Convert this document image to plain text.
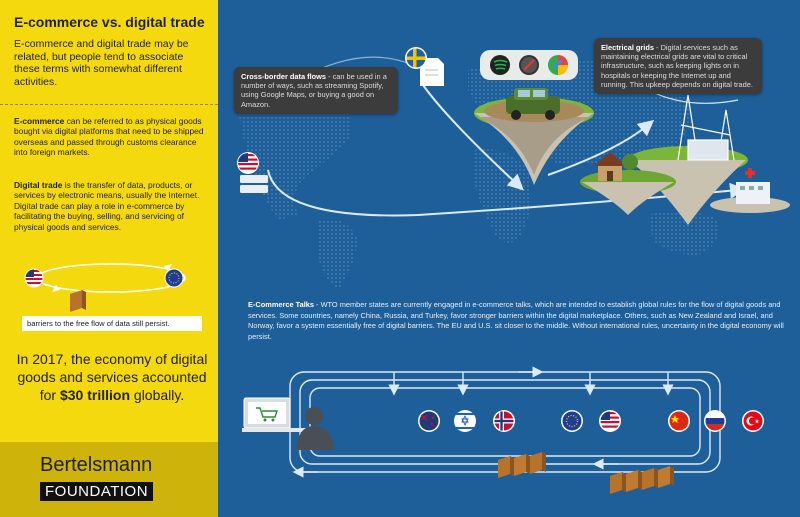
E-commerce vs. digital trade
E-commerce and digital trade may be related, but people tend to associate these terms with somewhat different activities.
E-commerce can be referred to as physical goods bought via digital platforms that need to be shipped overseas and passed through customs clearance into foreign markets.
Digital trade is the transfer of data, products, or services by electronic means, usually the Internet. Digital trade can play a role in e-commerce by facilitating the buying, selling, and servicing of physical goods and services.
barriers to the free flow of data still persist.
In 2017, the economy of digital goods and services accounted for $30 trillion globally.
Bertelsmann
FOUNDATION
Cross-border data flows - can be used in a number of ways, such as streaming Spotify, using Google Maps, or buying a good on Amazon.
Electrical grids - Digital services such as maintaining electrical grids are vital to critical infrastructure, such as keeping lights on in hospitals or keeping the Internet up and running. This upkeep depends on digital trade.
E-Commerce Talks - WTO member states are currently engaged in e-commerce talks, which are intended to establish global rules for the flow of digital goods and services. Some countries, namely China, Russia, and Turkey, favor stronger barriers within the digital marketplace. Others, such as New Zealand and Israel, and Norway, favor a system essentially free of digital barriers. The EU and U.S. sit closer to the middle. Without international rules, uncertainty in the digital economy will persist.
